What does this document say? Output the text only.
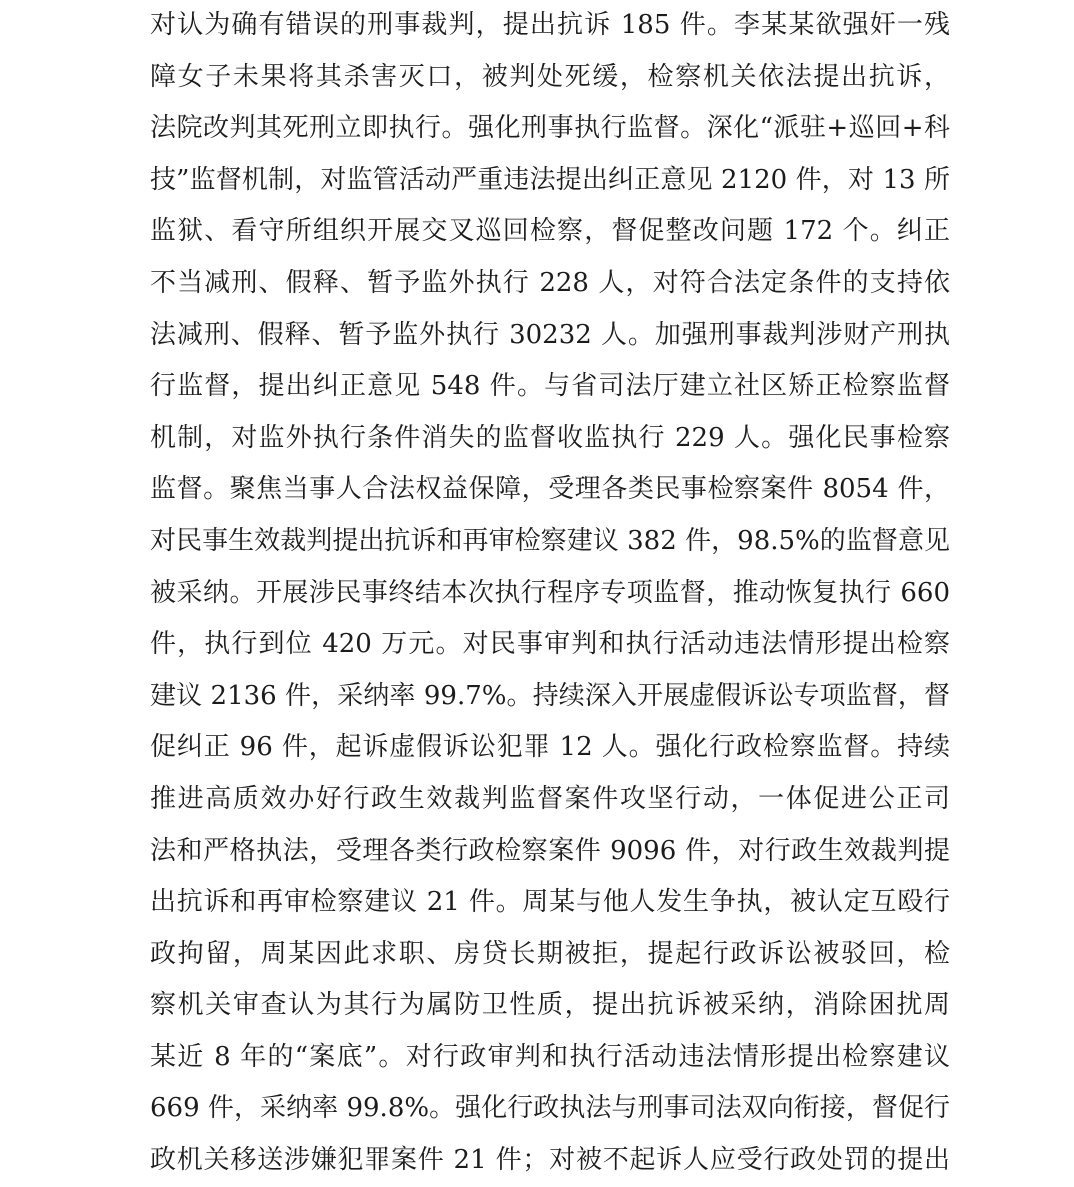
对认为确有错误的刑事裁判，提出抗诉 185 件。李某某欲强奸一残
障女子未果将其杀害灭口，被判处死缓，检察机关依法提出抗诉，
法院改判其死刑立即执行。强化刑事执行监督。深化“派驻+巡回+科
技”监督机制，对监管活动严重违法提出纠正意见 2120 件，对 13 所
监狱、看守所组织开展交叉巡回检察，督促整改问题 172 个。纠正
不当减刑、假释、暂予监外执行 228 人，对符合法定条件的支持依
法减刑、假释、暂予监外执行 30232 人。加强刑事裁判涉财产刑执
行监督，提出纠正意见 548 件。与省司法厅建立社区矫正检察监督
机制，对监外执行条件消失的监督收监执行 229 人。强化民事检察
监督。聚焦当事人合法权益保障，受理各类民事检察案件 8054 件，
对民事生效裁判提出抗诉和再审检察建议 382 件，98.5%的监督意见
被采纳。开展涉民事终结本次执行程序专项监督，推动恢复执行 660
件，执行到位 420 万元。对民事审判和执行活动违法情形提出检察
建议 2136 件，采纳率 99.7%。持续深入开展虚假诉讼专项监督，督
促纠正 96 件，起诉虚假诉讼犯罪 12 人。强化行政检察监督。持续
推进高质效办好行政生效裁判监督案件攻坚行动，一体促进公正司
法和严格执法，受理各类行政检察案件 9096 件，对行政生效裁判提
出抗诉和再审检察建议 21 件。周某与他人发生争执，被认定互殴行
政拘留，周某因此求职、房贷长期被拒，提起行政诉讼被驳回，检
察机关审查认为其行为属防卫性质，提出抗诉被采纳，消除困扰周
某近 8 年的“案底”。对行政审判和执行活动违法情形提出检察建议
669 件，采纳率 99.8%。强化行政执法与刑事司法双向衔接，督促行
政机关移送涉嫌犯罪案件 21 件；对被不起诉人应受行政处罚的提出
